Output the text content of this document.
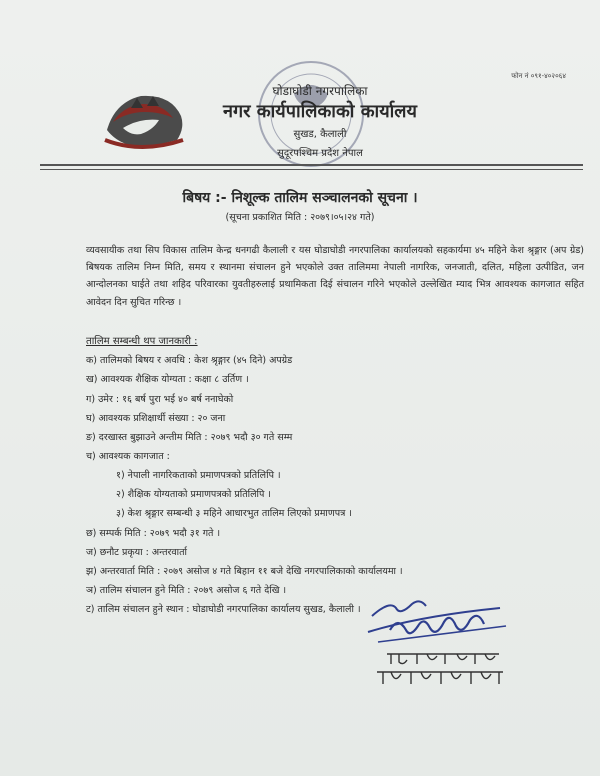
फोन नं ०९१-४०२०६४
घोडाघोडी नगरपालिका
नगर कार्यपालिकाको कार्यालय
सुखड, कैलाली
सुदूरपश्चिम प्रदेश नेपाल
बिषय :- निशूल्क तालिम सञ्चालनको सूचना ।
(सूचना प्रकाशित मिति : २०७९।०५।२४ गते)
व्यवसायीक तथा सिप विकास तालिम केन्द्र धनगढी कैलाली र यस घोडाघोडी नगरपालिका कार्यालयको सहकार्यमा ४५ महिने केश श्रृङ्गार (अप ग्रेड) बिषयक तालिम निम्न मिति, समय र स्थानमा संचालन हुने भएकोले उक्त तालिममा नेपाली नागरिक, जनजाती, दलित, महिला उत्पीडित, जन आन्दोलनका घाईते तथा शहिद परिवारका युवतीहरुलाई प्रथामिकता दिई संचालन गरिने भएकोले उल्लेखित म्याद भित्र आवश्यक कागजात सहित आवेदन दिन सुचित गरिन्छ ।
तालिम सम्बन्धी थप जानकारी :
क) तालिमको बिषय र अवधि : केश श्रृङ्गार (४५ दिने) अपग्रेड
ख) आवश्यक शैक्षिक योग्यता : कक्षा ८ उर्तिण ।
ग) उमेर : १६ बर्ष पुरा भई ४० बर्ष ननाघेको
घ) आवश्यक प्रशिक्षार्थी संख्या : २० जना
ङ) दरखास्त बुझाउने अन्तीम मिति : २०७९ भदौ ३० गते सम्म
च) आवश्यक कागजात :
१) नेपाली नागरिकताको प्रमाणपत्रको प्रतिलिपि ।
२) शैक्षिक योग्यताको प्रमाणपत्रको प्रतिलिपि ।
३) केश श्रृङ्गार सम्बन्धी ३ महिने आधारभुत तालिम लिएको प्रमाणपत्र ।
छ) सम्पर्क मिति : २०७९ भदौ ३१ गते ।
ज) छनौट प्रकृया : अन्तरवार्ता
झ) अन्तरवार्ता मिति : २०७९ असोज ४ गते बिहान ११ बजे देखि नगरपालिकाको कार्यालयमा ।
ञ) तालिम संचालन हुने मिति : २०७९ असोज ६ गते देखि ।
ट) तालिम संचालन हुने स्थान : घोडाघोडी नगरपालिका कार्यालय सुखड, कैलाली ।
